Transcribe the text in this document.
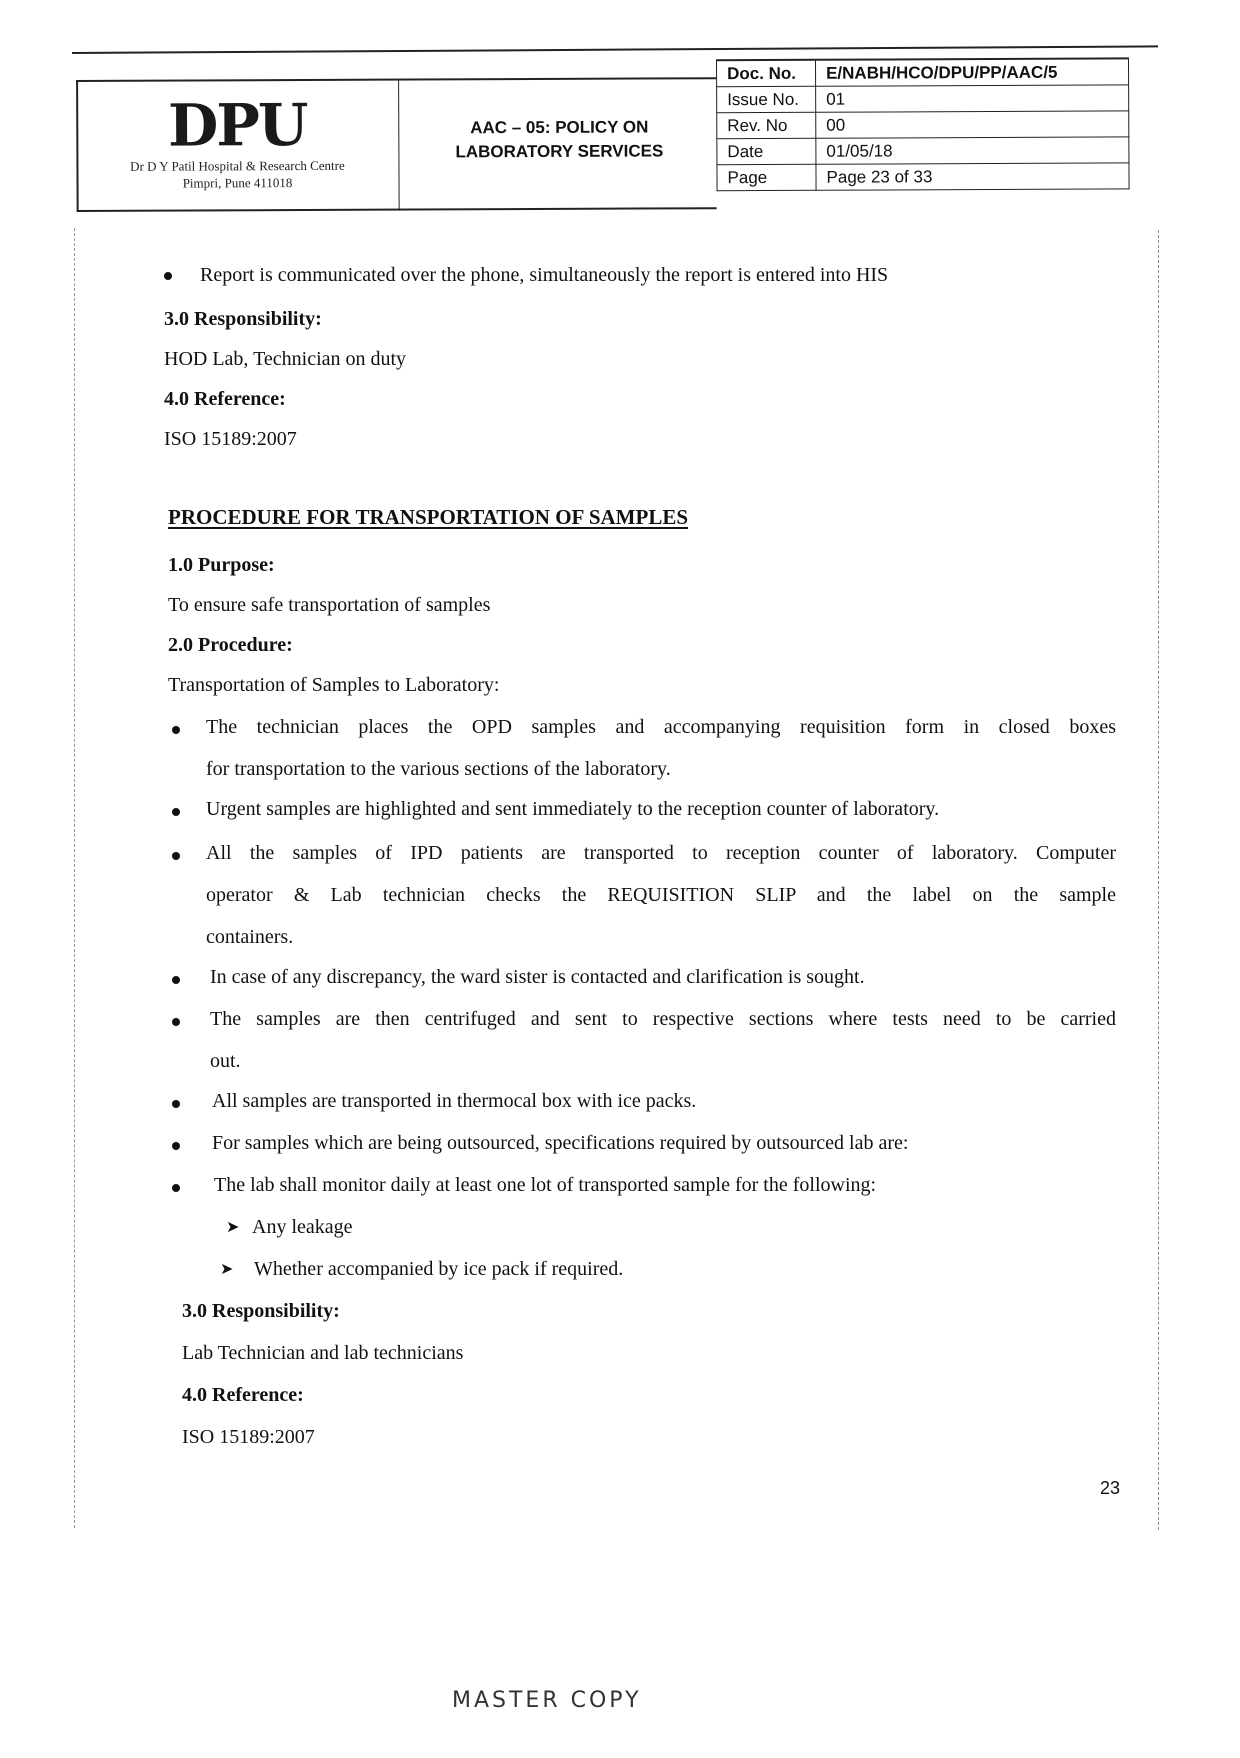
DPU
Dr D Y Patil Hospital & Research Centre
Pimpri, Pune 411018
AAC – 05: POLICY ON
LABORATORY SERVICES
Doc. No.	E/NABH/HCO/DPU/PP/AAC/5
Issue No.	01
Rev. No	00
Date	01/05/18
Page	Page 23 of 33
Report is communicated over the phone, simultaneously the report is entered into HIS
3.0 Responsibility:
HOD Lab, Technician on duty
4.0 Reference:
ISO 15189:2007
PROCEDURE FOR TRANSPORTATION OF SAMPLES
1.0 Purpose:
To ensure safe transportation of samples
2.0 Procedure:
Transportation of Samples to Laboratory:
The technician places the OPD samples and accompanying requisition form in closed boxes
for transportation to the various sections of the laboratory.
Urgent samples are highlighted and sent immediately to the reception counter of laboratory.
All the samples of IPD patients are transported to reception counter of laboratory. Computer
operator & Lab technician checks the REQUISITION SLIP and the label on the sample
containers.
In case of any discrepancy, the ward sister is contacted and clarification is sought.
The samples are then centrifuged and sent to respective sections where tests need to be carried
out.
All samples are transported in thermocal box with ice packs.
For samples which are being outsourced, specifications required by outsourced lab are:
The lab shall monitor daily at least one lot of transported sample for the following:
➤ Any leakage
➤ Whether accompanied by ice pack if required.
3.0 Responsibility:
Lab Technician and lab technicians
4.0 Reference:
ISO 15189:2007
23
MASTER COPY
